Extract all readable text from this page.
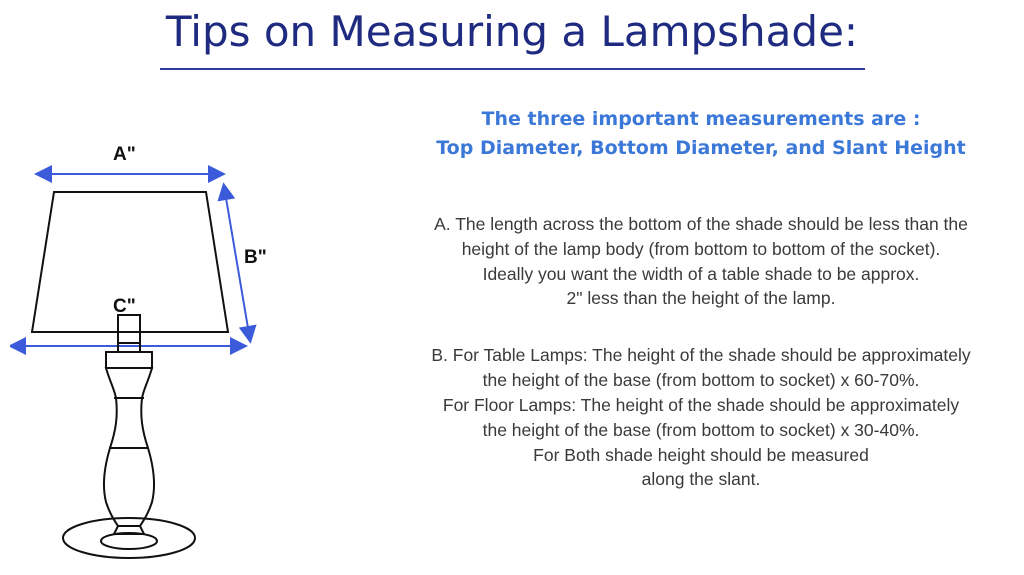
Tips on Measuring a Lampshade:
A"
B"
C"
The three important measurements are :
Top Diameter, Bottom Diameter, and Slant Height
A. The length across the bottom of the shade should be less than the
height of the lamp body (from bottom to bottom of the socket).
Ideally you want the width of a table shade to be approx.
2" less than the height of the lamp.
B. For Table Lamps: The height of the shade should be approximately
the height of the base (from bottom to socket) x 60-70%.
For Floor Lamps: The height of the shade should be approximately
the height of the base (from bottom to socket) x 30-40%.
For Both shade height should be measured
along the slant.
